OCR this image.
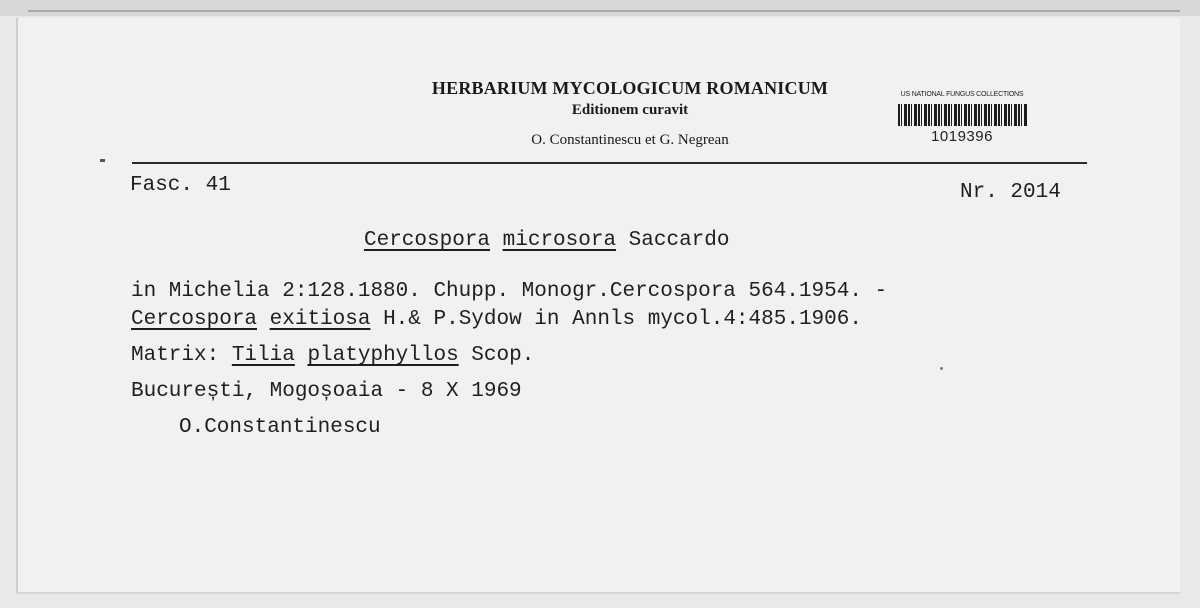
HERBARIUM MYCOLOGICUM ROMANICUM
Editionem curavit
O. Constantinescu et G. Negrean
US NATIONAL FUNGUS COLLECTIONS
1019396
Fasc. 41	Nr. 2014
Cercospora microsora Saccardo
in Michelia 2:128.1880. Chupp. Monogr.Cercospora 564.1954. -
Cercospora exitiosa H.& P.Sydow in Annls mycol.4:485.1906.
Matrix: Tilia platyphyllos Scop.
București, Mogoșoaia - 8 X 1969
O.Constantinescu
